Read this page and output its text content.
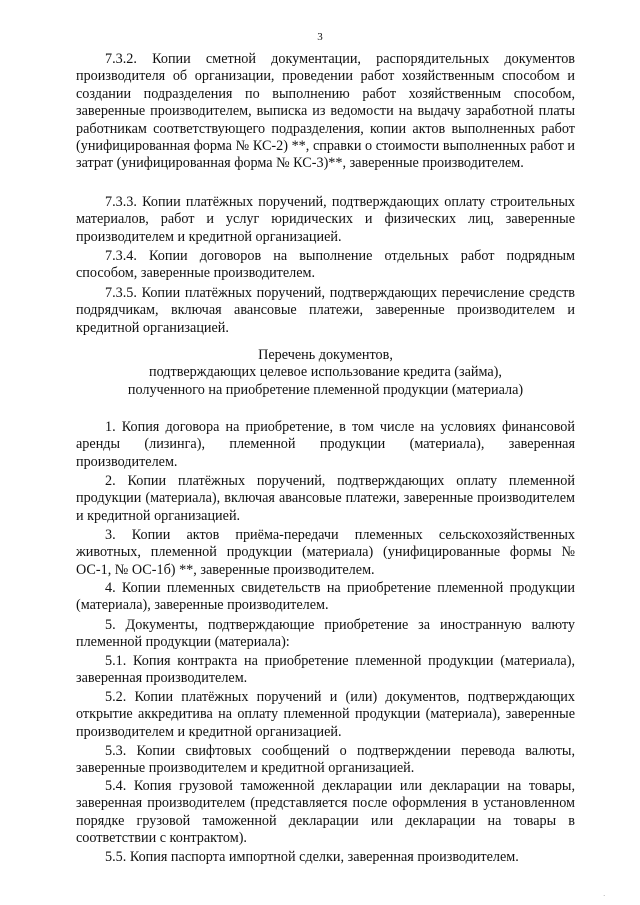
3

7.3.2. Копии сметной документации, распорядительных документов производителя об организации, проведении работ хозяйственным способом и создании подразделения по выполнению работ хозяйственным способом, заверенные производителем, выписка из ведомости на выдачу заработной платы работникам соответствующего подразделения, копии актов выполненных работ (унифицированная форма № КС-2) **, справки о стоимости выполненных работ и затрат (унифицированная форма № КС-3)**, заверенные производителем.

7.3.3. Копии платёжных поручений, подтверждающих оплату строительных материалов, работ и услуг юридических и физических лиц, заверенные производителем и кредитной организацией.

7.3.4. Копии договоров на выполнение отдельных работ подрядным способом, заверенные производителем.

7.3.5. Копии платёжных поручений, подтверждающих перечисление средств подрядчикам, включая авансовые платежи, заверенные производителем и кредитной организацией.

Перечень документов,
подтверждающих целевое использование кредита (займа),
полученного на приобретение племенной продукции (материала)

1. Копия договора на приобретение, в том числе на условиях финансовой аренды (лизинга), племенной продукции (материала), заверенная производителем.

2. Копии платёжных поручений, подтверждающих оплату племенной продукции (материала), включая авансовые платежи, заверенные производителем и кредитной организацией.

3. Копии актов приёма-передачи племенных сельскохозяйственных животных, племенной продукции (материала) (унифицированные формы № ОС-1, № ОС-1б) **, заверенные производителем.

4. Копии племенных свидетельств на приобретение племенной продукции (материала), заверенные производителем.

5. Документы, подтверждающие приобретение за иностранную валюту племенной продукции (материала):

5.1. Копия контракта на приобретение племенной продукции (материала), заверенная производителем.

5.2. Копии платёжных поручений и (или) документов, подтверждающих открытие аккредитива на оплату племенной продукции (материала), заверенные производителем и кредитной организацией.

5.3. Копии свифтовых сообщений о подтверждении перевода валюты, заверенные производителем и кредитной организацией.

5.4. Копия грузовой таможенной декларации или декларации на товары, заверенная производителем (представляется после оформления в установленном порядке грузовой таможенной декларации или декларации на товары в соответствии с контрактом).

5.5. Копия паспорта импортной сделки, заверенная производителем.

·
